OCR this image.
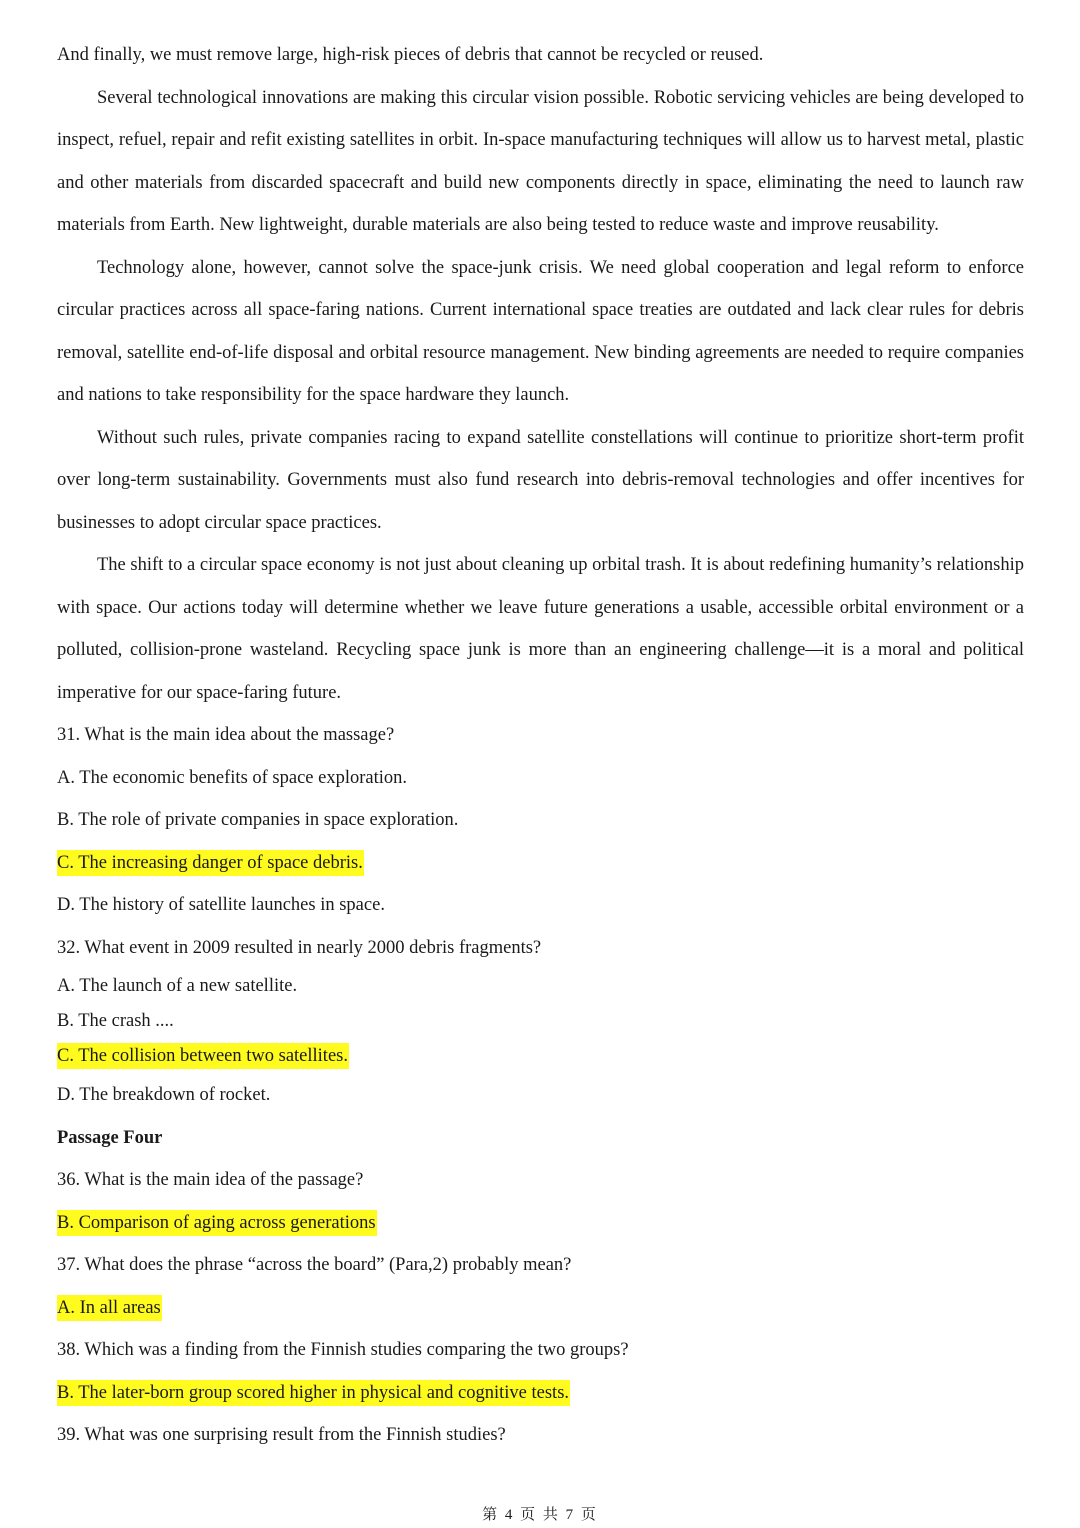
And finally, we must remove large, high-risk pieces of debris that cannot be recycled or reused.

Several technological innovations are making this circular vision possible. Robotic servicing vehicles are being developed to inspect, refuel, repair and refit existing satellites in orbit. In-space manufacturing techniques will allow us to harvest metal, plastic and other materials from discarded spacecraft and build new components directly in space, eliminating the need to launch raw materials from Earth. New lightweight, durable materials are also being tested to reduce waste and improve reusability.

Technology alone, however, cannot solve the space-junk crisis. We need global cooperation and legal reform to enforce circular practices across all space-faring nations. Current international space treaties are outdated and lack clear rules for debris removal, satellite end-of-life disposal and orbital resource management. New binding agreements are needed to require companies and nations to take responsibility for the space hardware they launch.

Without such rules, private companies racing to expand satellite constellations will continue to prioritize short-term profit over long-term sustainability. Governments must also fund research into debris-removal technologies and offer incentives for businesses to adopt circular space practices.

The shift to a circular space economy is not just about cleaning up orbital trash. It is about redefining humanity’s relationship with space. Our actions today will determine whether we leave future generations a usable, accessible orbital environment or a polluted, collision-prone wasteland. Recycling space junk is more than an engineering challenge—it is a moral and political imperative for our space-faring future.

31. What is the main idea about the massage?
A. The economic benefits of space exploration.
B. The role of private companies in space exploration.
C. The increasing danger of space debris.
D. The history of satellite launches in space.
32. What event in 2009 resulted in nearly 2000 debris fragments?
A. The launch of a new satellite.
B. The crash ....
C. The collision between two satellites.
D. The breakdown of rocket.
Passage Four
36. What is the main idea of the passage?
B. Comparison of aging across generations
37. What does the phrase “across the board” (Para,2) probably mean?
A. In all areas
38. Which was a finding from the Finnish studies comparing the two groups?
B. The later-born group scored higher in physical and cognitive tests.
39. What was one surprising result from the Finnish studies?
第 4 页 共 7 页
